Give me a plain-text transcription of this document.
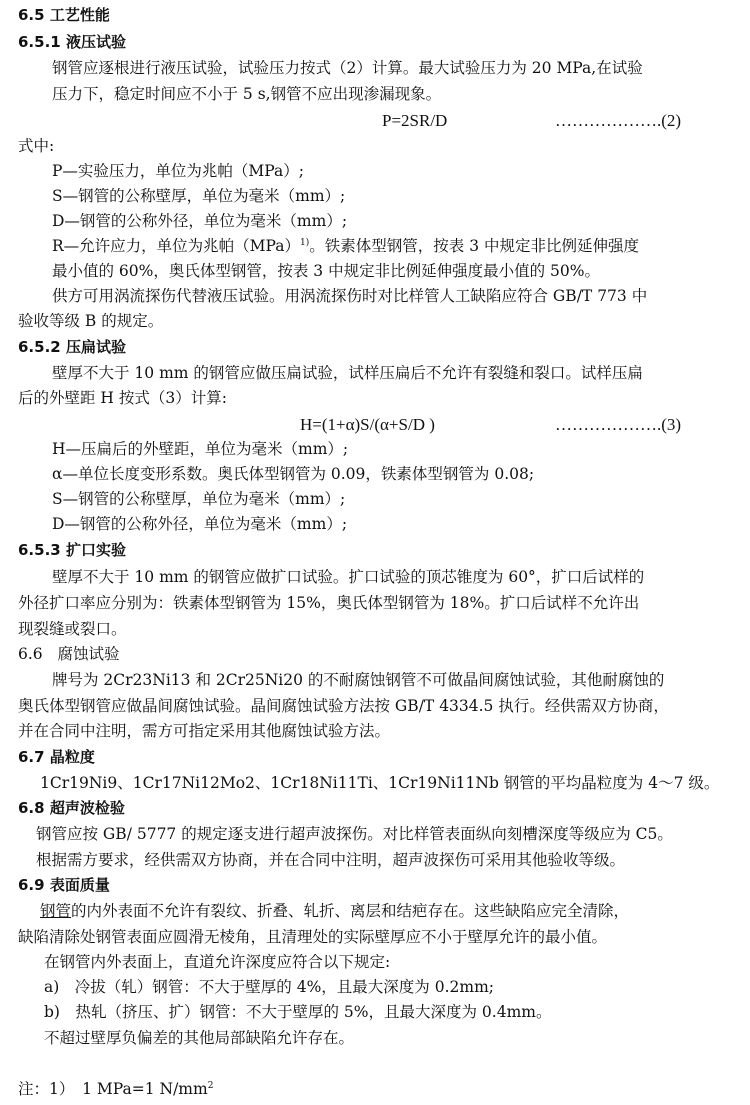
6.5 工艺性能
6.5.1 液压试验
钢管应逐根进行液压试验，试验压力按式（2）计算。最大试验压力为 20 MPa,在试验
压力下，稳定时间应不小于 5 s,钢管不应出现渗漏现象。
P=2SR/D	……………….(2)
式中:
P—实验压力，单位为兆帕（MPa）;
S—钢管的公称壁厚，单位为毫米（mm）;
D—钢管的公称外径，单位为毫米（mm）;
R—允许应力，单位为兆帕（MPa）$^{1)}$。铁素体型钢管，按表 3 中规定非比例延伸强度
最小值的 60%，奥氏体型钢管，按表 3 中规定非比例延伸强度最小值的 50%。
供方可用涡流探伤代替液压试验。用涡流探伤时对比样管人工缺陷应符合 GB/T 773 中
验收等级 B 的规定。
6.5.2 压扁试验
壁厚不大于 10 mm 的钢管应做压扁试验，试样压扁后不允许有裂缝和裂口。试样压扁
后的外壁距 H 按式（3）计算:
H=(1+α)S/(α+S/D )	……………….(3)
H—压扁后的外壁距，单位为毫米（mm）;
α—单位长度变形系数。奥氏体型钢管为 0.09，铁素体型钢管为 0.08;
S—钢管的公称壁厚，单位为毫米（mm）;
D—钢管的公称外径，单位为毫米（mm）;
6.5.3 扩口实验
壁厚不大于 10 mm 的钢管应做扩口试验。扩口试验的顶芯锥度为 60°，扩口后试样的
外径扩口率应分别为：铁素体型钢管为 15%，奥氏体型钢管为 18%。扩口后试样不允许出
现裂缝或裂口。
6.6 腐蚀试验
牌号为 2Cr23Ni13 和 2Cr25Ni20 的不耐腐蚀钢管不可做晶间腐蚀试验，其他耐腐蚀的
奥氏体型钢管应做晶间腐蚀试验。晶间腐蚀试验方法按 GB/T 4334.5 执行。经供需双方协商，
并在合同中注明，需方可指定采用其他腐蚀试验方法。
6.7 晶粒度
1Cr19Ni9、1Cr17Ni12Mo2、1Cr18Ni11Ti、1Cr19Ni11Nb 钢管的平均晶粒度为 4～7 级。
6.8 超声波检验
钢管应按 GB/ 5777 的规定逐支进行超声波探伤。对比样管表面纵向刻槽深度等级应为 C5。
根据需方要求，经供需双方协商，并在合同中注明，超声波探伤可采用其他验收等级。
6.9 表面质量
钢管的内外表面不允许有裂纹、折叠、轧折、离层和结疤存在。这些缺陷应完全清除，
缺陷清除处钢管表面应圆滑无棱角，且清理处的实际壁厚应不小于壁厚允许的最小值。
在钢管内外表面上，直道允许深度应符合以下规定:
a)　冷拔（轧）钢管：不大于壁厚的 4%，且最大深度为 0.2mm;
b)　热轧（挤压、扩）钢管：不大于壁厚的 5%，且最大深度为 0.4mm。
不超过壁厚负偏差的其他局部缺陷允许存在。
注：1）　1 MPa=1 $N/mm^2$
